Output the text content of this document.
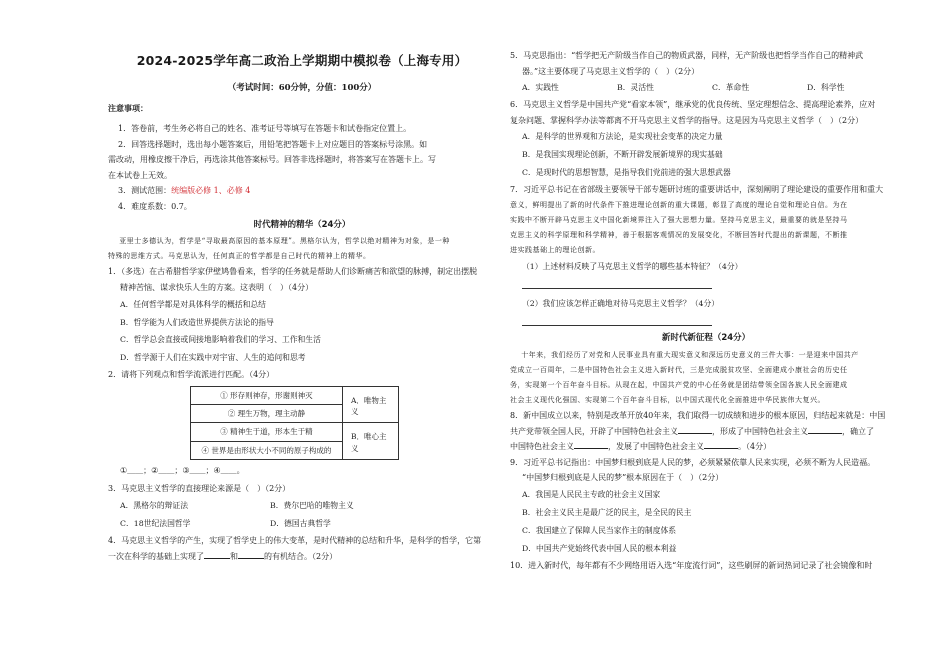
2024-2025学年高二政治上学期期中模拟卷（上海专用）
（考试时间：60分钟，分值：100分）
注意事项：
1．答卷前，考生务必将自己的姓名、准考证号等填写在答题卡和试卷指定位置上。
2．回答选择题时，选出每小题答案后，用铅笔把答题卡上对应题目的答案标号涂黑。如
需改动，用橡皮擦干净后，再选涂其他答案标号。回答非选择题时，将答案写在答题卡上。写
在本试卷上无效。
3．测试范围：统编版必修 1、必修 4
4．难度系数：0.7。
时代精神的精华（24分）
亚里士多德认为，哲学是“寻取最高原因的基本原理”。黑格尔认为，哲学以绝对精神为对象，是一种
特殊的思维方式。马克思认为，任何真正的哲学都是自己时代的精神上的精华。
1．（多选）在古希腊哲学家伊壁鸠鲁看来，哲学的任务就是帮助人们诊断痛苦和欲望的脉搏，制定出摆脱
精神苦恼、谋求快乐人生的方案。这表明（　）（4分）
A．任何哲学都是对具体科学的概括和总结
B．哲学能为人们改造世界提供方法论的指导
C．哲学总会直接或间接地影响着我们的学习、工作和生活
D．哲学源于人们在实践中对宇宙、人生的追问和思考
2．请将下列观点和哲学流派进行匹配。（4分）
① 形存则神存，形谢则神灭	A．唯物主义
② 理生万物，理主动静	
③ 精神生于道，形本生于精	B．唯心主义
④ 世界是由形状大小不同的原子构成的	
①＿＿；②＿＿；③＿＿；④＿＿。
3．马克思主义哲学的直接理论来源是（　）（2分）
A．黑格尔的辩证法	B．费尔巴哈的唯物主义
C．18世纪法国哲学	D．德国古典哲学
4．马克思主义哲学的产生，实现了哲学史上的伟大变革，是时代精神的总结和升华，是科学的哲学，它第
一次在科学的基础上实现了	和	的有机结合。（2分）
5．马克思指出：“哲学把无产阶级当作自己的物质武器，同样，无产阶级也把哲学当作自己的精神武
器。”这主要体现了马克思主义哲学的（　）（2分）
A．实践性	B．灵活性	C．革命性	D．科学性
6．马克思主义哲学是中国共产党“看家本领”，继承党的优良传统、坚定理想信念、提高理论素养，应对
复杂问题、掌握科学办法等都离不开马克思主义哲学的指导。这是因为马克思主义哲学（　）（2分）
A．是科学的世界观和方法论，是实现社会变革的决定力量
B．是我国实现理论创新，不断开辟发展新境界的现实基础
C．是现时代的思想智慧，是指导我们党前进的强大思想武器
7．习近平总书记在省部级主要领导干部专题研讨班的重要讲话中，深刻阐明了理论建设的重要作用和重大
意义，鲜明提出了新的时代条件下推进理论创新的重大课题，彰显了高度的理论自觉和理论自信。为在
实践中不断开辟马克思主义中国化新境界注入了强大思想力量。坚持马克思主义，最重要的就是坚持马
克思主义的科学原理和科学精神，善于根据客观情况的发展变化，不断回答时代提出的新课题，不断推
进实践基础上的理论创新。
（1）上述材料反映了马克思主义哲学的哪些基本特征？（4分）
（2）我们应该怎样正确地对待马克思主义哲学？（4分）
新时代新征程（24分）
十年来，我们经历了对党和人民事业具有重大现实意义和深远历史意义的三件大事：一是迎来中国共产
党成立一百周年，二是中国特色社会主义进入新时代，三是完成脱贫攻坚、全面建成小康社会的历史任
务，实现第一个百年奋斗目标。从现在起，中国共产党的中心任务就是团结带领全国各族人民全面建成
社会主义现代化强国、实现第二个百年奋斗目标，以中国式现代化全面推进中华民族伟大复兴。
8．新中国成立以来，特别是改革开放40年来，我们取得一切成绩和进步的根本原因，归结起来就是：中国
共产党带领全国人民，开辟了中国特色社会主义	，形成了中国特色社会主义	，确立了
中国特色社会主义	，发展了中国特色社会主义	。（4分）
9．习近平总书记指出：中国梦归根到底是人民的梦，必须紧紧依靠人民来实现，必须不断为人民造福。
“中国梦归根到底是人民的梦”根本原因在于（　）（2分）
A．我国是人民民主专政的社会主义国家
B．社会主义民主是最广泛的民主，是全民的民主
C．我国建立了保障人民当家作主的制度体系
D．中国共产党始终代表中国人民的根本利益
10．进入新时代，每年都有不少网络用语入选“年度流行词”，这些刷屏的新词热词记录了社会镜像和时
